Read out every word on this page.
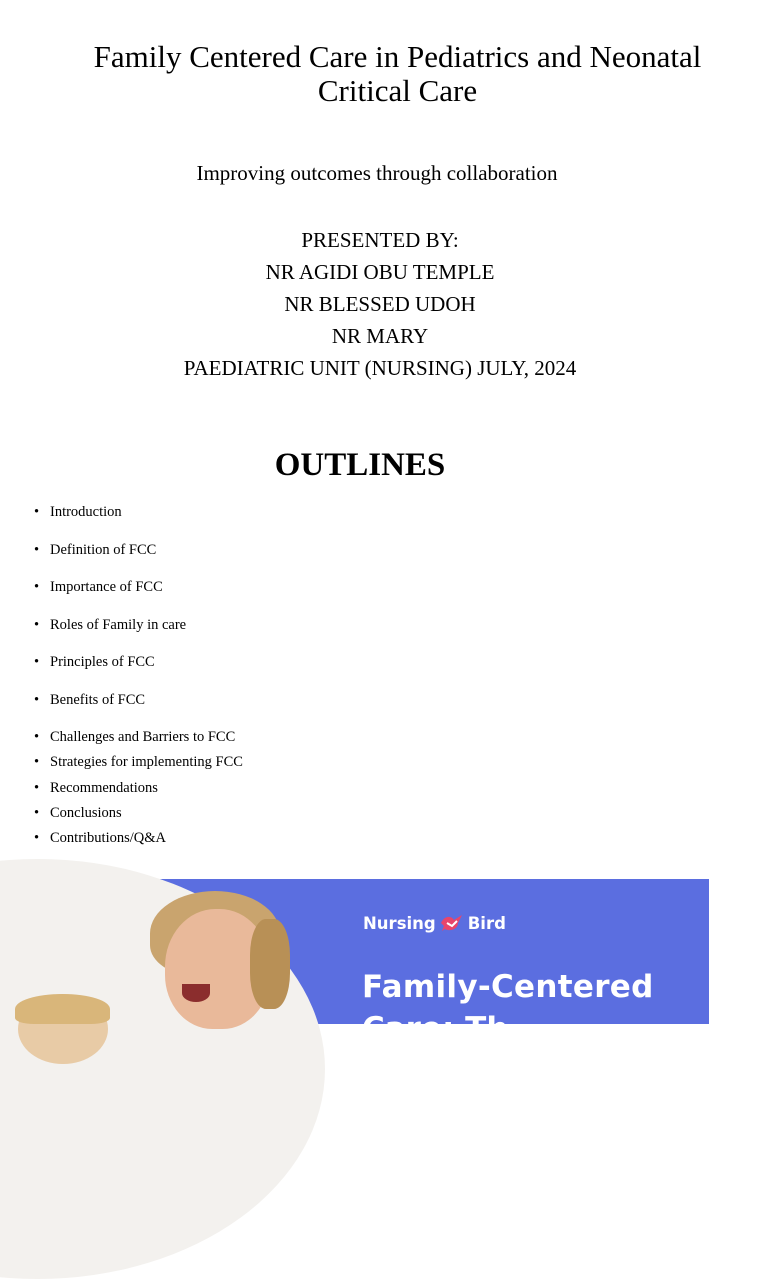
Family Centered Care in Pediatrics and Neonatal Critical Care

Improving outcomes through collaboration

PRESENTED BY:
NR AGIDI OBU TEMPLE
NR BLESSED UDOH
NR MARY
PAEDIATRIC UNIT (NURSING) JULY, 2024
OUTLINES
• Introduction
• Definition of FCC
• Importance of FCC
• Roles of Family in care
• Principles of FCC
• Benefits of FCC
• Challenges and Barriers to FCC
• Strategies for implementing FCC
• Recommendations
• Conclusions
• Contributions/Q&A
Nursing Bird
Family-Centered
Care: Th
